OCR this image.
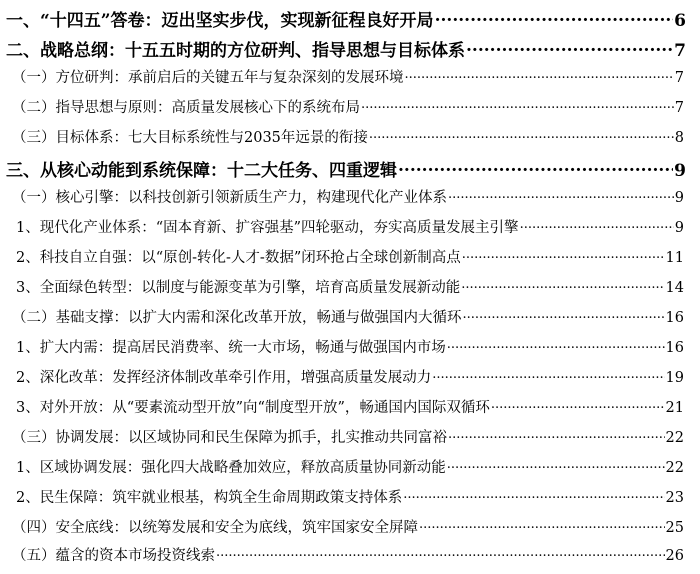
一、“十四五”答卷：迈出坚实步伐，实现新征程良好开局 .....	6
二、战略总纲：十五五时期的方位研判、指导思想与目标体系 .....	7
（一）方位研判：承前启后的关键五年与复杂深刻的发展环境 .....	7
（二）指导思想与原则：高质量发展核心下的系统布局 .....	7
（三）目标体系：七大目标系统性与2035年远景的衔接 .....	8
三、从核心动能到系统保障：十二大任务、四重逻辑 .....	9
（一）核心引擎：以科技创新引领新质生产力，构建现代化产业体系 .....	9
1、现代化产业体系：“固本育新、扩容强基”四轮驱动，夯实高质量发展主引擎 .....	9
2、科技自立自强：以“原创-转化-人才-数据”闭环抢占全球创新制高点 .....	11
3、全面绿色转型：以制度与能源变革为引擎，培育高质量发展新动能 .....	14
（二）基础支撑：以扩大内需和深化改革开放，畅通与做强国内大循环 .....	16
1、扩大内需：提高居民消费率、统一大市场，畅通与做强国内市场 .....	16
2、深化改革：发挥经济体制改革牵引作用，增强高质量发展动力 .....	19
3、对外开放：从“要素流动型开放”向“制度型开放”，畅通国内国际双循环 .....	21
（三）协调发展：以区域协同和民生保障为抓手，扎实推动共同富裕 .....	22
1、区域协调发展：强化四大战略叠加效应，释放高质量协同新动能 .....	22
2、民生保障：筑牢就业根基，构筑全生命周期政策支持体系 .....	23
（四）安全底线：以统筹发展和安全为底线，筑牢国家安全屏障 .....	25
（五）蕴含的资本市场投资线索 .....	26
